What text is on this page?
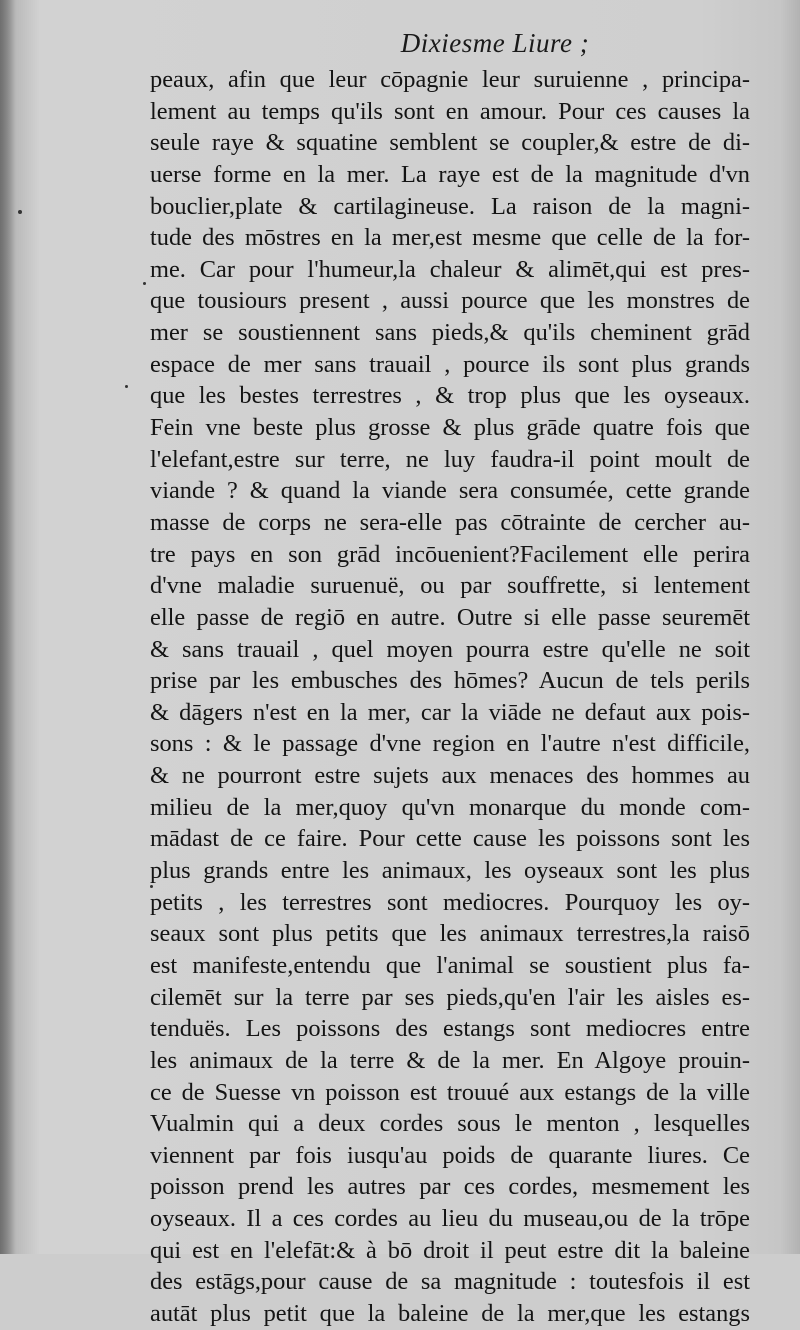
Dixiesme Liure ;
peaux, afin que leur cōpagnie leur suruienne , principa-
lement au temps qu'ils sont en amour. Pour ces causes la
seule raye & squatine semblent se coupler,& estre de di-
uerse forme en la mer. La raye est de la magnitude d'vn
bouclier,plate & cartilagineuse. La raison de la magni-
tude des mōstres en la mer,est mesme que celle de la for-
me. Car pour l'humeur,la chaleur & alimēt,qui est pres-
que tousiours present , aussi pource que les monstres de
mer se soustiennent sans pieds,& qu'ils cheminent grād
espace de mer sans trauail , pource ils sont plus grands
que les bestes terrestres , & trop plus que les oyseaux.
Fein vne beste plus grosse & plus grāde quatre fois que
l'elefant,estre sur terre, ne luy faudra-il point moult de
viande ? & quand la viande sera consumée, cette grande
masse de corps ne sera-elle pas cōtrainte de cercher au-
tre pays en son grād incōuenient?Facilement elle perira
d'vne maladie suruenuë, ou par souffrette, si lentement
elle passe de regiō en autre. Outre si elle passe seuremēt
& sans trauail , quel moyen pourra estre qu'elle ne soit
prise par les embusches des hōmes? Aucun de tels perils
& dāgers n'est en la mer, car la viāde ne defaut aux pois-
sons : & le passage d'vne region en l'autre n'est difficile,
& ne pourront estre sujets aux menaces des hommes au
milieu de la mer,quoy qu'vn monarque du monde com-
mādast de ce faire. Pour cette cause les poissons sont les
plus grands entre les animaux, les oyseaux sont les plus
petits , les terrestres sont mediocres. Pourquoy les oy-
seaux sont plus petits que les animaux terrestres,la raisō
est manifeste,entendu que l'animal se soustient plus fa-
cilemēt sur la terre par ses pieds,qu'en l'air les aisles es-
tenduës. Les poissons des estangs sont mediocres entre
les animaux de la terre & de la mer. En Algoye prouin-
ce de Suesse vn poisson est trouué aux estangs de la ville
Vualmin qui a deux cordes sous le menton , lesquelles
viennent par fois iusqu'au poids de quarante liures. Ce
poisson prend les autres par ces cordes, mesmement les
oyseaux. Il a ces cordes au lieu du museau,ou de la trōpe
qui est en l'elefāt:& à bō droit il peut estre dit la baleine
des estāgs,pour cause de sa magnitude : toutesfois il est
autāt plus petit que la baleine de la mer,que les estangs
